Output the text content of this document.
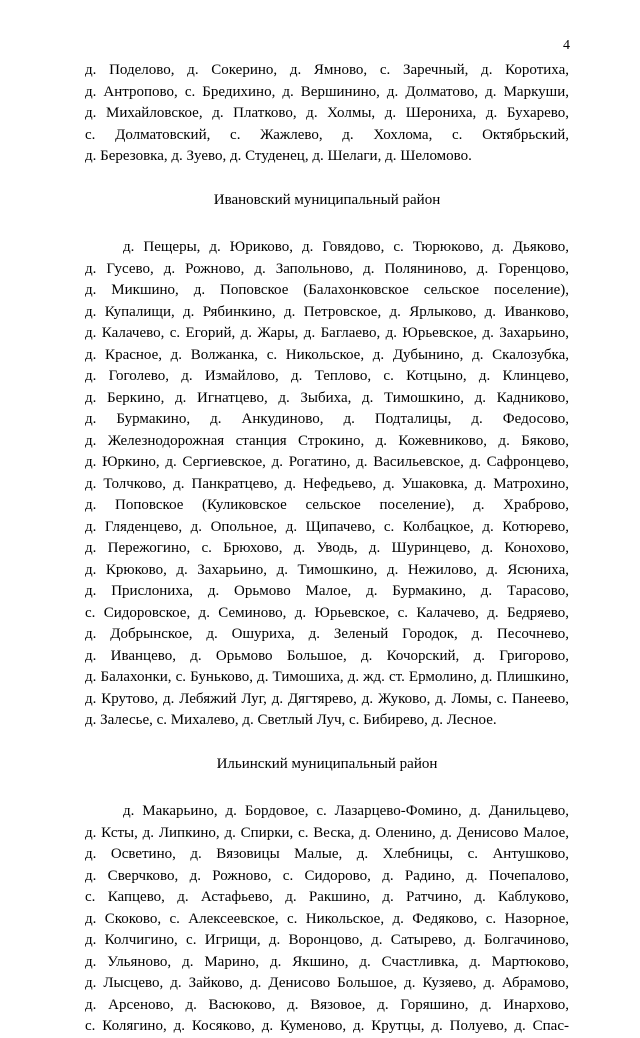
4
д. Поделово, д. Сокерино, д. Ямново, с. Заречный, д. Коротиха,
д. Антропово, с. Бредихино, д. Вершинино, д. Долматово, д. Маркуши,
д. Михайловское, д. Платково, д. Холмы, д. Шерониха, д. Бухарево,
с. Долматовский, с. Жажлево, д. Хохлома, с. Октябрьский,
д. Березовка, д. Зуево, д. Студенец, д. Шелаги, д. Шеломово.
Ивановский муниципальный район
д. Пещеры, д. Юриково, д. Говядово, с. Тюрюково, д. Дьяково,
д. Гусево, д. Рожново, д. Запольново, д. Поляниново, д. Горенцово,
д. Микшино, д. Поповское (Балахонковское сельское поселение),
д. Купалищи, д. Рябинкино, д. Петровское, д. Ярлыково, д. Иванково,
д. Калачево, с. Егорий, д. Жары, д. Баглаево, д. Юрьевское, д. Захарьино,
д. Красное, д. Волжанка, с. Никольское, д. Дубынино, д. Скалозубка,
д. Гоголево, д. Измайлово, д. Теплово, с. Котцыно, д. Клинцево,
д. Беркино, д. Игнатцево, д. Зыбиха, д. Тимошкино, д. Кадниково,
д. Бурмакино, д. Анкудиново, д. Подталицы, д. Федосово,
д. Железнодорожная станция Строкино, д. Кожевниково, д. Бяково,
д. Юркино, д. Сергиевское, д. Рогатино, д. Васильевское, д. Сафронцево,
д. Толчково, д. Панкратцево, д. Нефедьево, д. Ушаковка, д. Матрохино,
д. Поповское (Куликовское сельское поселение), д. Храброво,
д. Гляденцево, д. Опольное, д. Щипачево, с. Колбацкое, д. Котюрево,
д. Пережогино, с. Брюхово, д. Уводь, д. Шуринцево, д. Конохово,
д. Крюково, д. Захарьино, д. Тимошкино, д. Нежилово, д. Ясюниха,
д. Прислониха, д. Орьмово Малое, д. Бурмакино, д. Тарасово,
с. Сидоровское, д. Семиново, д. Юрьевское, с. Калачево, д. Бедряево,
д. Добрынское, д. Ошуриха, д. Зеленый Городок, д. Песочнево,
д. Иванцево, д. Орьмово Большое, д. Кочорский, д. Григорово,
д. Балахонки, с. Буньково, д. Тимошиха, д. жд. ст. Ермолино, д. Плишкино,
д. Крутово, д. Лебяжий Луг, д. Дягтярево, д. Жуково, д. Ломы, с. Панеево,
д. Залесье, с. Михалево, д. Светлый Луч, с. Бибирево, д. Лесное.
Ильинский муниципальный район
д. Макарьино, д. Бордовое, с. Лазарцево-Фомино, д. Данильцево,
д. Ксты, д. Липкино, д. Спирки, с. Веска, д. Оленино, д. Денисово Малое,
д. Осветино, д. Вязовицы Малые, д. Хлебницы, с. Антушково,
д. Сверчково, д. Рожново, с. Сидорово, д. Радино, д. Почепалово,
с. Капцево, д. Астафьево, д. Ракшино, д. Ратчино, д. Каблуково,
д. Скоково, с. Алексеевское, с. Никольское, д. Федяково, с. Назорное,
д. Колчигино, с. Игрищи, д. Воронцово, д. Сатырево, д. Болгачиново,
д. Ульяново, д. Марино, д. Якшино, д. Счастливка, д. Мартюково,
д. Лысцево, д. Зайково, д. Денисово Большое, д. Кузяево, д. Абрамово,
д. Арсеново, д. Васюково, д. Вязовое, д. Горяшино, д. Инархово,
с. Колягино, д. Косяково, д. Куменово, д. Крутцы, д. Полуево, д. Спас-
